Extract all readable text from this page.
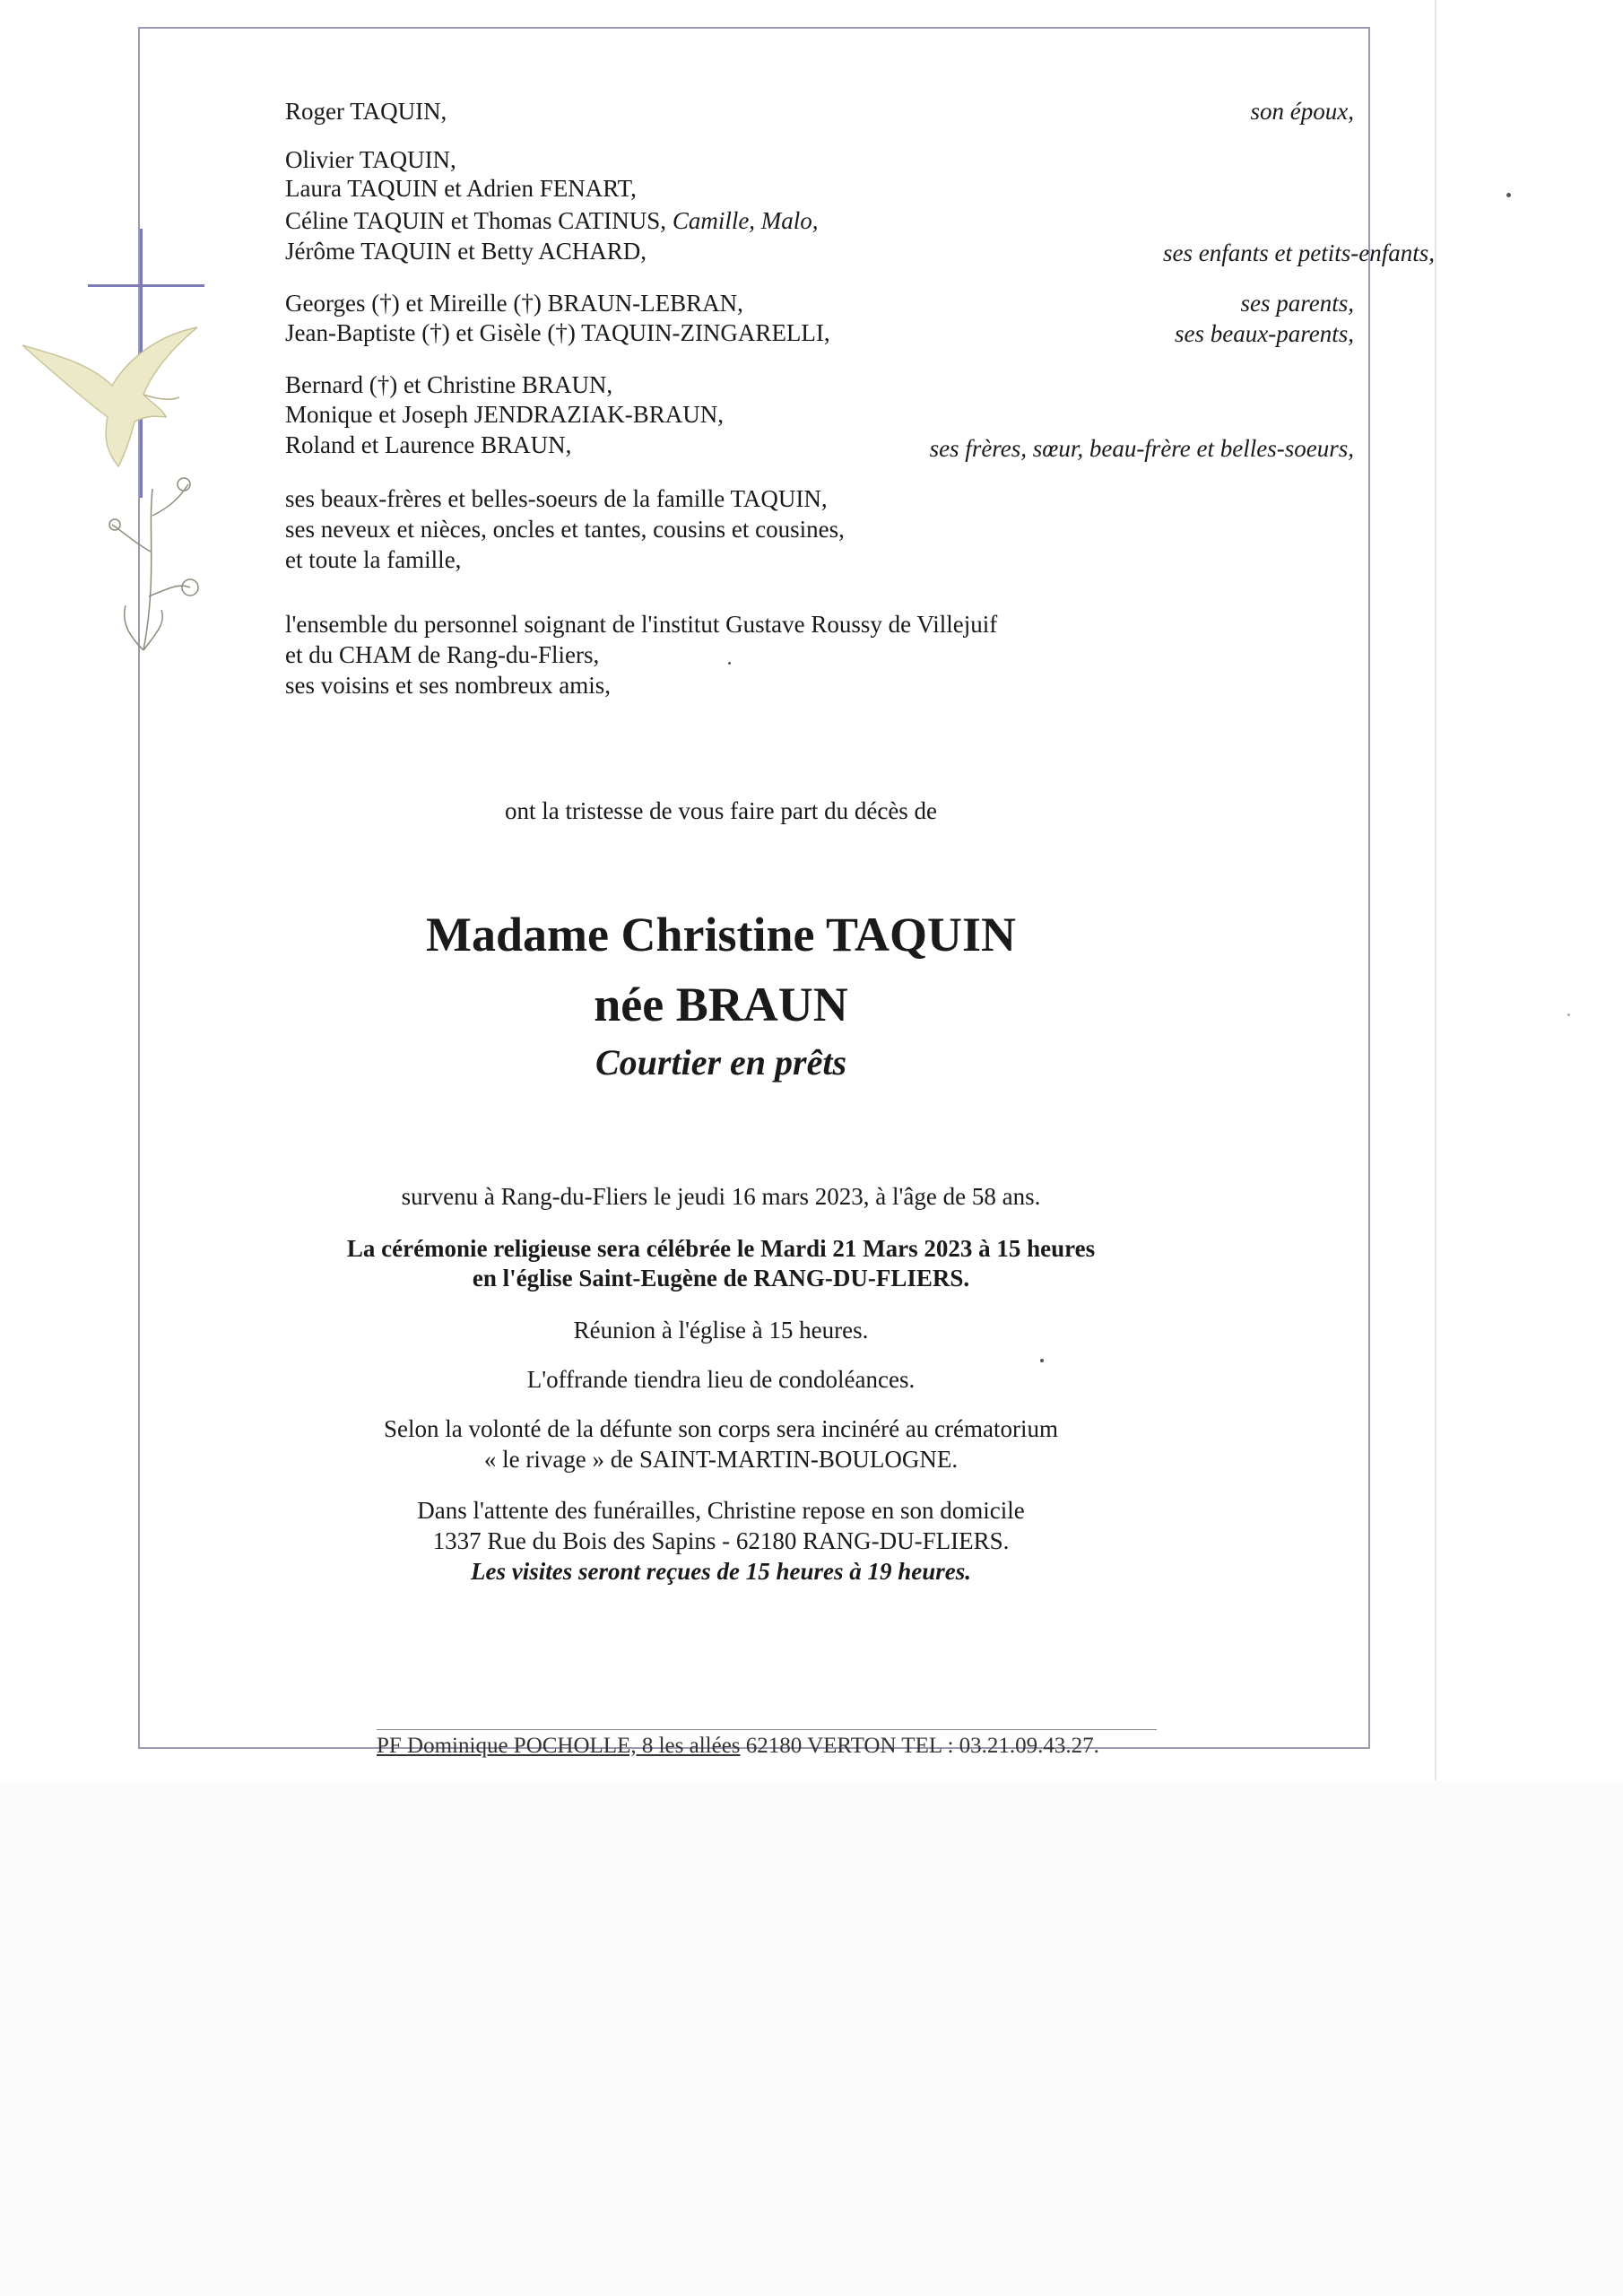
Roger TAQUIN,	son époux,
Olivier TAQUIN,
Laura TAQUIN et Adrien FENART,
Céline TAQUIN et Thomas CATINUS, Camille, Malo,
Jérôme TAQUIN et Betty ACHARD,	ses enfants et petits-enfants,
Georges (†) et Mireille (†) BRAUN-LEBRAN,	ses parents,
Jean-Baptiste (†) et Gisèle (†) TAQUIN-ZINGARELLI,	ses beaux-parents,
Bernard (†) et Christine BRAUN,
Monique et Joseph JENDRAZIAK-BRAUN,
Roland et Laurence BRAUN,	ses frères, sœur, beau-frère et belles-soeurs,
ses beaux-frères et belles-soeurs de la famille TAQUIN,
ses neveux et nièces, oncles et tantes, cousins et cousines,
et toute la famille,
l'ensemble du personnel soignant de l'institut Gustave Roussy de Villejuif
et du CHAM de Rang-du-Fliers,
ses voisins et ses nombreux amis,
ont la tristesse de vous faire part du décès de
Madame Christine TAQUIN
née BRAUN
Courtier en prêts
survenu à Rang-du-Fliers le jeudi 16 mars 2023, à l'âge de 58 ans.
La cérémonie religieuse sera célébrée le Mardi 21 Mars 2023 à 15 heures
en l'église Saint-Eugène de RANG-DU-FLIERS.
Réunion à l'église à 15 heures.
L'offrande tiendra lieu de condoléances.
Selon la volonté de la défunte son corps sera incinéré au crématorium
« le rivage » de SAINT-MARTIN-BOULOGNE.
Dans l'attente des funérailles, Christine repose en son domicile
1337 Rue du Bois des Sapins - 62180 RANG-DU-FLIERS.
Les visites seront reçues de 15 heures à 19 heures.
PF Dominique POCHOLLE, 8 les allées 62180 VERTON TEL : 03.21.09.43.27.
